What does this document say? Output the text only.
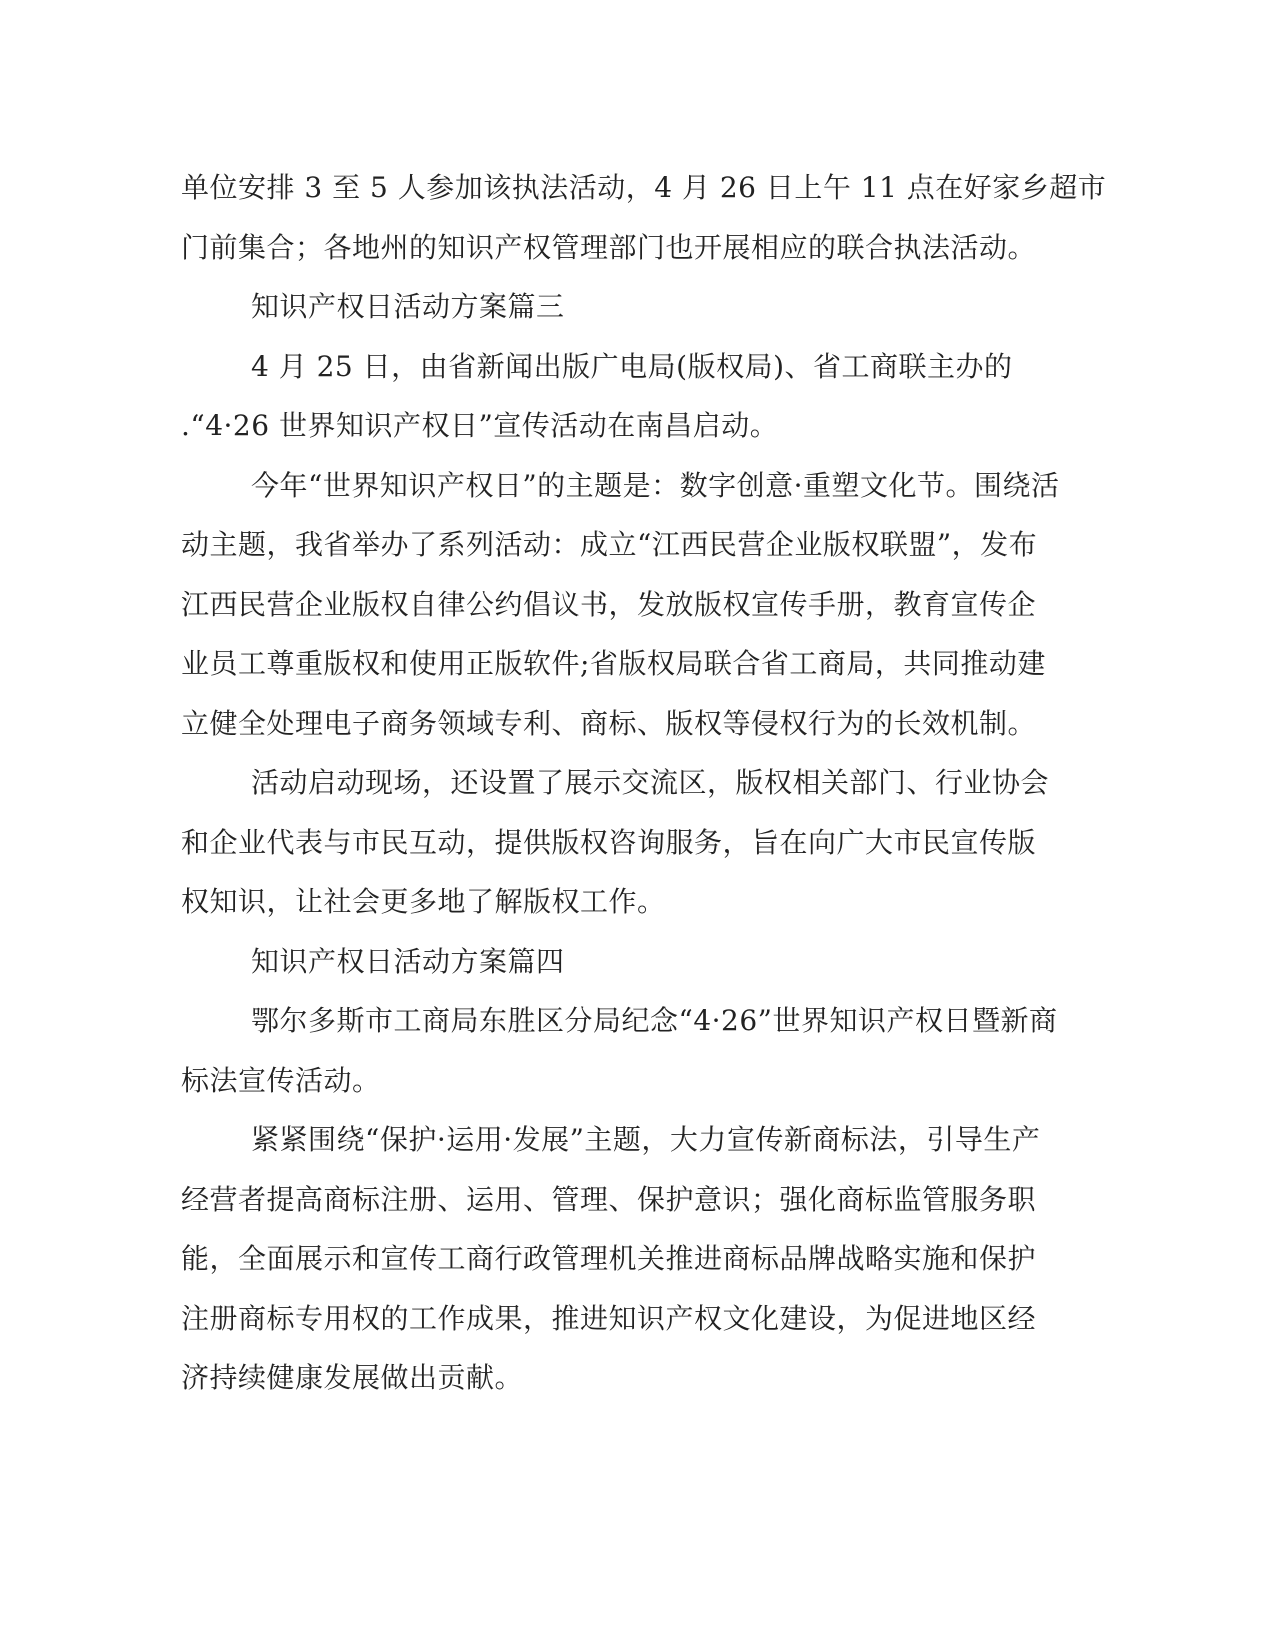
单位安排 3 至 5 人参加该执法活动，4 月 26 日上午 11 点在好家乡超市
门前集合；各地州的知识产权管理部门也开展相应的联合执法活动。
知识产权日活动方案篇三
4 月 25 日，由省新闻出版广电局(版权局)、省工商联主办的
.“4·26 世界知识产权日”宣传活动在南昌启动。
今年“世界知识产权日”的主题是：数字创意·重塑文化节。围绕活
动主题，我省举办了系列活动：成立“江西民营企业版权联盟”，发布
江西民营企业版权自律公约倡议书，发放版权宣传手册，教育宣传企
业员工尊重版权和使用正版软件;省版权局联合省工商局，共同推动建
立健全处理电子商务领域专利、商标、版权等侵权行为的长效机制。
活动启动现场，还设置了展示交流区，版权相关部门、行业协会
和企业代表与市民互动，提供版权咨询服务，旨在向广大市民宣传版
权知识，让社会更多地了解版权工作。
知识产权日活动方案篇四
鄂尔多斯市工商局东胜区分局纪念“4·26”世界知识产权日暨新商
标法宣传活动。
紧紧围绕“保护·运用·发展”主题，大力宣传新商标法，引导生产
经营者提高商标注册、运用、管理、保护意识；强化商标监管服务职
能，全面展示和宣传工商行政管理机关推进商标品牌战略实施和保护
注册商标专用权的工作成果，推进知识产权文化建设，为促进地区经
济持续健康发展做出贡献。
